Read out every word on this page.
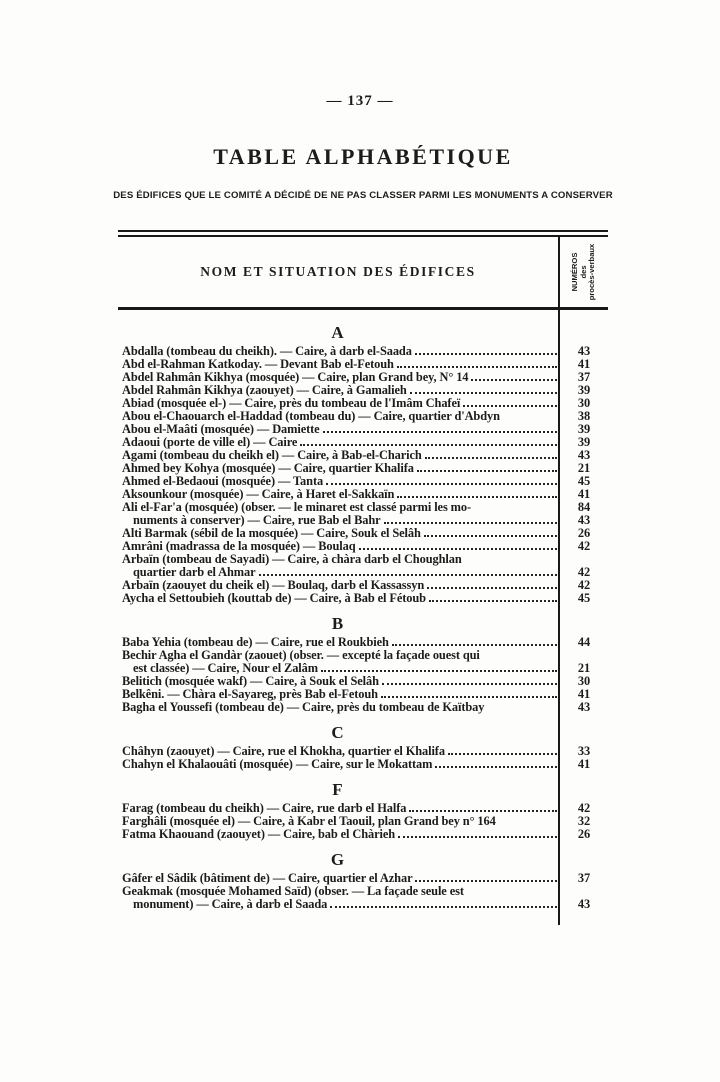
— 137 —
TABLE ALPHABÉTIQUE
DES ÉDIFICES QUE LE COMITÉ A DÉCIDÉ DE NE PAS CLASSER PARMI LES MONUMENTS A CONSERVER
NOM ET SITUATION DES ÉDIFICES	NUMÉROS des procès-verbaux
A
Abdalla (tombeau du cheikh). — Caire, à darb el-Saada	43
Abd el-Rahman Katkoday. — Devant Bab el-Fetouh	41
Abdel Rahmân Kikhya (mosquée) — Caire, plan Grand bey, N° 14	37
Abdel Rahmân Kikhya (zaouyet) — Caire, à Gamalieh	39
Abiad (mosquée el-) — Caire, près du tombeau de l'Imâm Chafeï	30
Abou el-Chaouarch el-Haddad (tombeau du) — Caire, quartier d'Abdyn	38
Abou el-Maâti (mosquée) — Damiette	39
Adaoui (porte de ville el) — Caire	39
Agami (tombeau du cheikh el) — Caire, à Bab-el-Charich	43
Ahmed bey Kohya (mosquée) — Caire, quartier Khalifa	21
Ahmed el-Bedaoui (mosquée) — Tanta	45
Aksounkour (mosquée) — Caire, à Haret el-Sakkaïn	41
Ali el-Far'a (mosquée) (obser. — le minaret est classé parmi les mo-	84
numents à conserver) — Caire, rue Bab el Bahr	43
Alti Barmak (sébil de la mosquée) — Caire, Souk el Selâh	26
Amrâni (madrassa de la mosquée) — Boulaq	42
Arbaïn (tombeau de Sayadi) — Caire, à chàra darb el Choughlan
quartier darb el Ahmar	42
Arbaïn (zaouyet du cheik el) — Boulaq, darb el Kassassyn	42
Aycha el Settoubieh (kouttab de) — Caire, à Bab el Fétoub	45
B
Baba Yehia (tombeau de) — Caire, rue el Roukbieh	44
Bechir Agha el Gandàr (zaouet) (obser. — excepté la façade ouest qui
est classée) — Caire, Nour el Zalâm	21
Belitich (mosquée wakf) — Caire, à Souk el Selâh	30
Belkêni. — Chàra el-Sayareg, près Bab el-Fetouh	41
Bagha el Youssefi (tombeau de) — Caire, près du tombeau de Kaïtbay	43
C
Châhyn (zaouyet) — Caire, rue el Khokha, quartier el Khalifa	33
Chahyn el Khalaouâti (mosquée) — Caire, sur le Mokattam	41
F
Farag (tombeau du cheikh) — Caire, rue darb el Halfa	42
Farghâli (mosquée el) — Caire, à Kabr el Taouil, plan Grand bey n° 164	32
Fatma Khaouand (zaouyet) — Caire, bab el Chàrieh	26
G
Gâfer el Sâdik (bâtiment de) — Caire, quartier el Azhar	37
Geakmak (mosquée Mohamed Saïd) (obser. — La façade seule est
monument) — Caire, à darb el Saada	43
